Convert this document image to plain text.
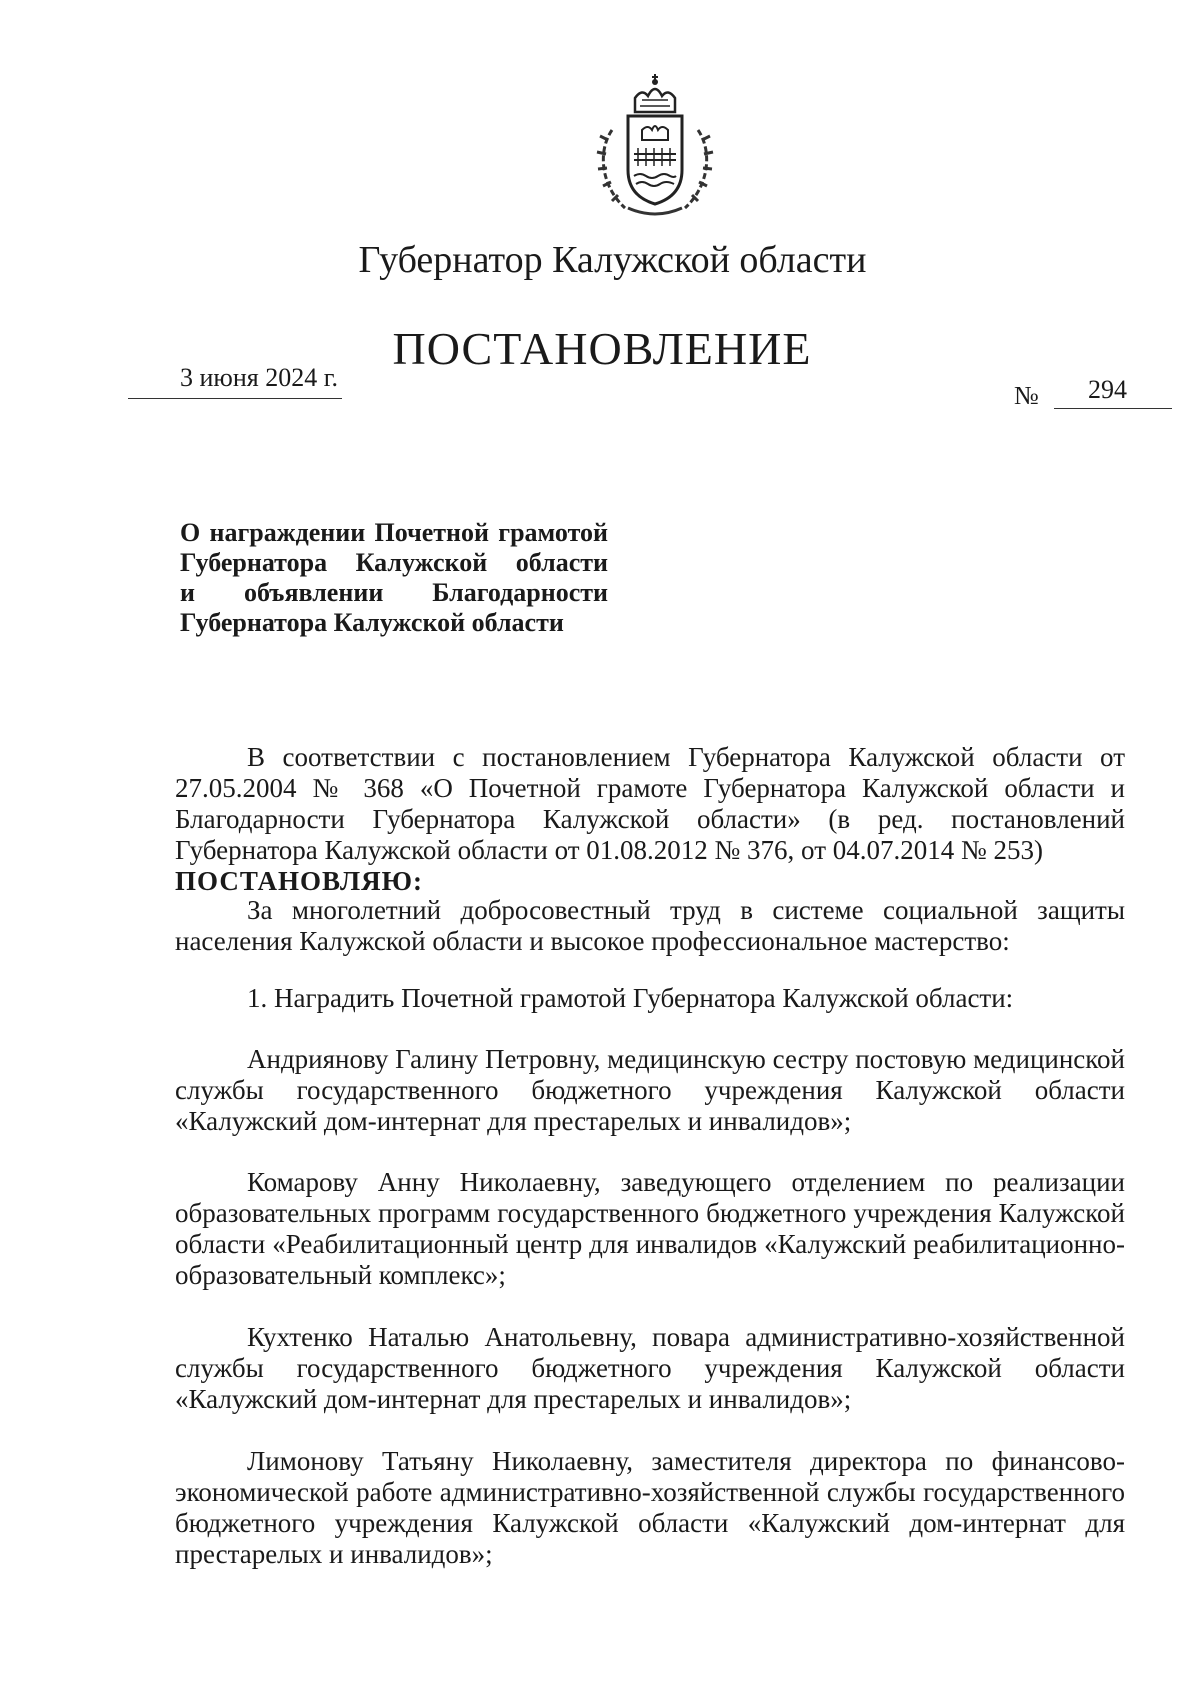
Губернатор Калужской области
ПОСТАНОВЛЕНИЕ
3 июня 2024 г.
№ 294
О награждении Почетной грамотой
Губернатора Калужской области
и объявлении Благодарности
Губернатора Калужской области

В соответствии с постановлением Губернатора Калужской области от 27.05.2004 № 368 «О Почетной грамоте Губернатора Калужской области и Благодарности Губернатора Калужской области» (в ред. постановлений Губернатора Калужской области от 01.08.2012 № 376, от 04.07.2014 № 253)

ПОСТАНОВЛЯЮ:

За многолетний добросовестный труд в системе социальной защиты населения Калужской области и высокое профессиональное мастерство:

1. Наградить Почетной грамотой Губернатора Калужской области:

Андриянову Галину Петровну, медицинскую сестру постовую медицинской службы государственного бюджетного учреждения Калужской области «Калужский дом-интернат для престарелых и инвалидов»;

Комарову Анну Николаевну, заведующего отделением по реализации образовательных программ государственного бюджетного учреждения Калужской области «Реабилитационный центр для инвалидов «Калужский реабилитационно-образовательный комплекс»;

Кухтенко Наталью Анатольевну, повара административно-хозяйственной службы государственного бюджетного учреждения Калужской области «Калужский дом-интернат для престарелых и инвалидов»;

Лимонову Татьяну Николаевну, заместителя директора по финансово-экономической работе административно-хозяйственной службы государственного бюджетного учреждения Калужской области «Калужский дом-интернат для престарелых и инвалидов»;
